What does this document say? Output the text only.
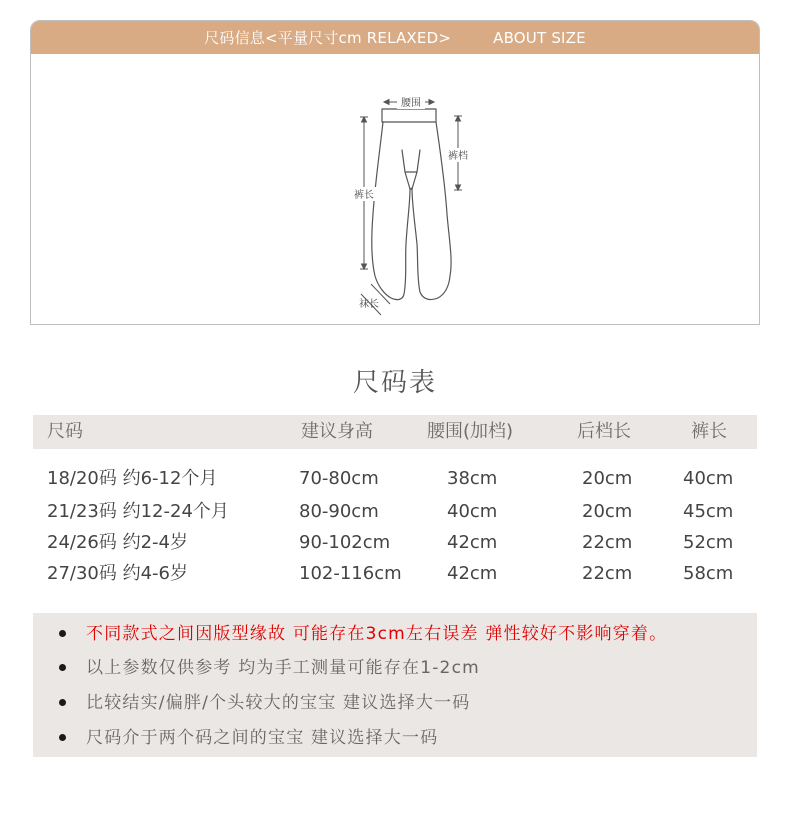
尺码信息<平量尺寸cm RELAXED>	ABOUT SIZE
腰围
裤档
裤长
袜长
尺码表
尺码	建议身高	腰围(加档)	后档长	裤长
18/20码 约6-12个月	70-80cm	38cm	20cm	40cm
21/23码 约12-24个月	80-90cm	40cm	20cm	45cm
24/26码 约2-4岁	90-102cm	42cm	22cm	52cm
27/30码 约4-6岁	102-116cm	42cm	22cm	58cm
不同款式之间因版型缘故 可能存在3cm左右误差 弹性较好不影响穿着。
以上参数仅供参考 均为手工测量可能存在1-2cm
比较结实/偏胖/个头较大的宝宝 建议选择大一码
尺码介于两个码之间的宝宝 建议选择大一码
